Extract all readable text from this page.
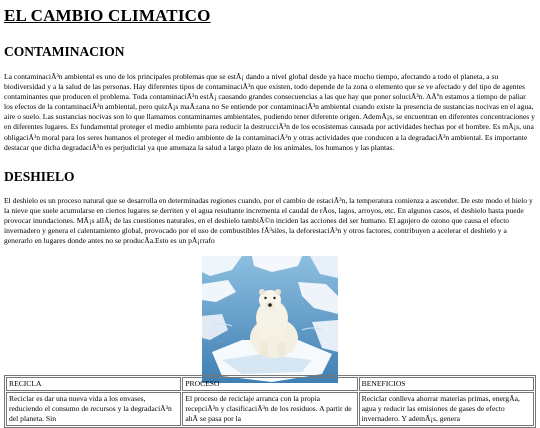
EL CAMBIO CLIMATICO
CONTAMINACION

La contaminaciÃ³n ambiental es uno de los principales problemas que se estÃ¡ dando a nivel global desde ya hace mucho tiempo, afectando a todo el planeta, a su biodiversidad y a la salud de las personas. Hay diferentes tipos de contaminaciÃ³n que existen, todo depende de la zona o elemento que se ve afectado y del tipo de agentes contaminantes que producen el problema. Toda contaminaciÃ³n estÃ¡ causando grandes consecuencias a las que hay que poner soluciÃ³n. AÃºn estamos a tiempo de paliar los efectos de la contaminaciÃ³n ambiental, pero quizÃ¡s maÃ±ana no Se entiende por contaminaciÃ³n ambiental cuando existe la presencia de sustancias nocivas en el agua, aire o suelo. Las sustancias nocivas son lo que llamamos contaminantes ambientales, pudiendo tener diferente origen. AdemÃ¡s, se encuentran en diferentes concentraciones y en diferentes lugares. Es fundamental proteger el medio ambiente para reducir la destrucciÃ³n de los ecosistemas causada por actividades hechas por el hombre. Es mÃ¡s, una obligaciÃ³n moral para los seres humanos el proteger el medio ambiente de la contaminaciÃ³n y otras actividades que conducen a la degradaciÃ³n ambiental. Es importante destacar que dicha degradaciÃ³n es perjudicial ya que amenaza la salud a largo plazo de los animales, los humanos y las plantas.

DESHIELO

El deshielo es un proceso natural que se desarrolla en determinadas regiones cuando, por el cambio de estaciÃ³n, la temperatura comienza a ascender. De este modo el hielo y la nieve que suele acumularse en ciertos lugares se derriten y el agua resultante incrementa el caudal de rÃos, lagos, arroyos, etc. En algunos casos, el deshielo hasta puede provocar inundaciones. MÃ¡s allÃ¡ de las cuestiones naturales, en el deshielo tambiÃ©n inciden las acciones del ser humano. El agujero de ozono que causa el efecto invernadero y genera el calentamiento global, provocado por el uso de combustibles fÃ³siles, la deforestaciÃ³n y otros factores, contribuyen a acelerar el deshielo y a generarlo en lugares donde antes no se producÃa.Esto es un pÃ¡rrafo

RECICLA	PROCESO	BENEFICIOS
Reciclar es dar una nueva vida a los envases, reduciendo el consumo de recursos y la degradaciÃ³n del planeta. Sin	El proceso de reciclaje arranca con la propia recepciÃ³n y clasificaciÃ³n de los residuos. A partir de ahÃ se pasa por la	Reciclar conlleva ahorrar materias primas, energÃa, agua y reducir las emisiones de gases de efecto invernadero. Y ademÃ¡s, genera
